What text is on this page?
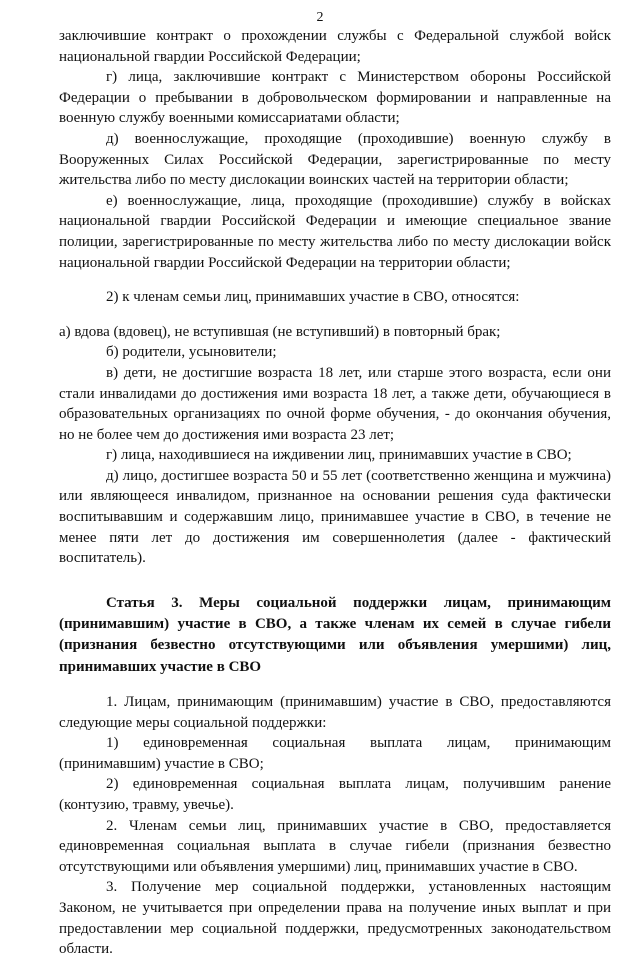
2

заключившие контракт о прохождении службы с Федеральной службой войск национальной гвардии Российской Федерации;

г) лица, заключившие контракт с Министерством обороны Российской Федерации о пребывании в добровольческом формировании и направленные на военную службу военными комиссариатами области;

д) военнослужащие, проходящие (проходившие) военную службу в Вооруженных Силах Российской Федерации, зарегистрированные по месту жительства либо по месту дислокации воинских частей на территории области;

е) военнослужащие, лица, проходящие (проходившие) службу в войсках национальной гвардии Российской Федерации и имеющие специальное звание полиции, зарегистрированные по месту жительства либо по месту дислокации войск национальной гвардии Российской Федерации на территории области;

2) к членам семьи лиц, принимавших участие в СВО, относятся:

а) вдова (вдовец), не вступившая (не вступивший) в повторный брак;

б) родители, усыновители;

в) дети, не достигшие возраста 18 лет, или старше этого возраста, если они стали инвалидами до достижения ими возраста 18 лет, а также дети, обучающиеся в образовательных организациях по очной форме обучения, - до окончания обучения, но не более чем до достижения ими возраста 23 лет;

г) лица, находившиеся на иждивении лиц, принимавших участие в СВО;

д) лицо, достигшее возраста 50 и 55 лет (соответственно женщина и мужчина) или являющееся инвалидом, признанное на основании решения суда фактически воспитывавшим и содержавшим лицо, принимавшее участие в СВО, в течение не менее пяти лет до достижения им совершеннолетия (далее - фактический воспитатель).

Статья 3. Меры социальной поддержки лицам, принимающим (принимавшим) участие в СВО, а также членам их семей в случае гибели (признания безвестно отсутствующими или объявления умершими) лиц, принимавших участие в СВО

1. Лицам, принимающим (принимавшим) участие в СВО, предоставляются следующие меры социальной поддержки:

1) единовременная социальная выплата лицам, принимающим (принимавшим) участие в СВО;

2) единовременная социальная выплата лицам, получившим ранение (контузию, травму, увечье).

2. Членам семьи лиц, принимавших участие в СВО, предоставляется единовременная социальная выплата в случае гибели (признания безвестно отсутствующими или объявления умершими) лиц, принимавших участие в СВО.

3. Получение мер социальной поддержки, установленных настоящим Законом, не учитывается при определении права на получение иных выплат и при предоставлении мер социальной поддержки, предусмотренных законодательством области.
